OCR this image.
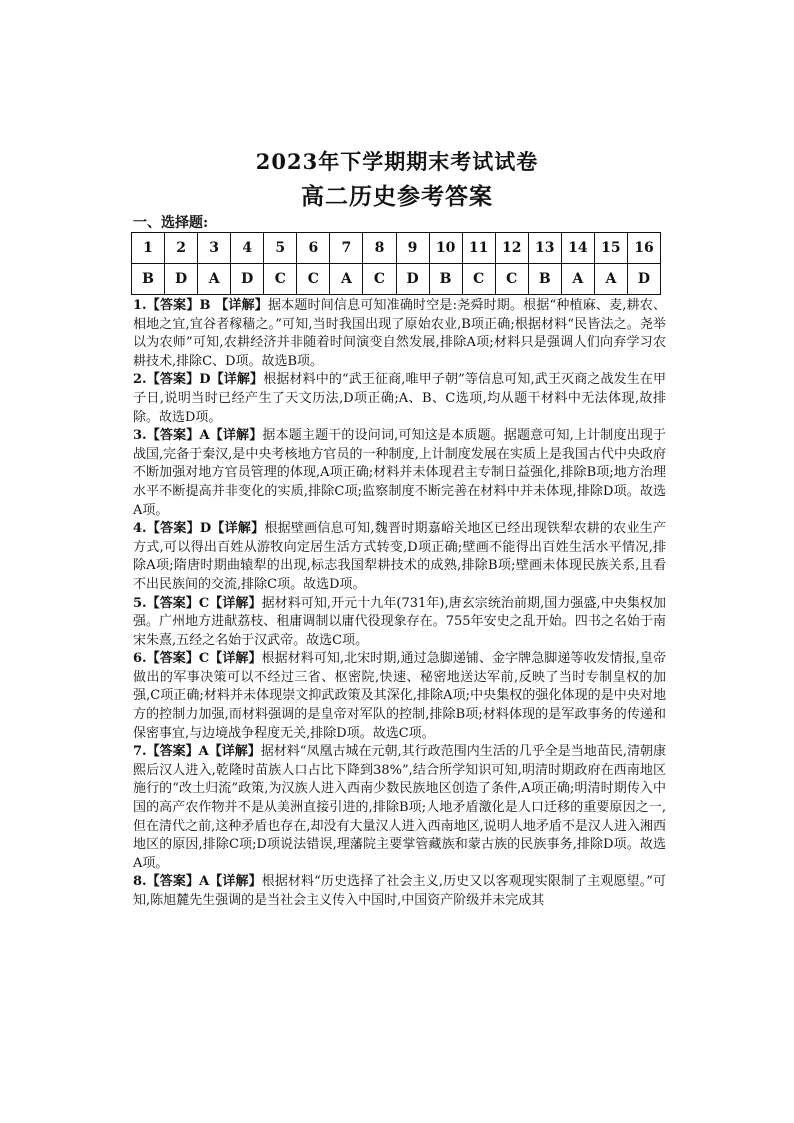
2023年下学期期末考试试卷
高二历史参考答案
一、选择题:
1	2	3	4	5	6	7	8	9	10	11	12	13	14	15	16
B	D	A	D	C	C	A	C	D	B	C	C	B	A	A	D

1.【答案】B 【详解】据本题时间信息可知准确时空是:尧舜时期。根据“种植麻、麦,耕农、相地之宜,宜谷者稼穑之。”可知,当时我国出现了原始农业,B项正确;根据材料“民皆法之。尧举以为农师”可知,农耕经济并非随着时间演变自然发展,排除A项;材料只是强调人们向弃学习农耕技术,排除C、D项。故选B项。

2.【答案】D【详解】根据材料中的“武王征商,唯甲子朝”等信息可知,武王灭商之战发生在甲子日,说明当时已经产生了天文历法,D项正确;A、B、C选项,均从题干材料中无法体现,故排除。故选D项。

3.【答案】A【详解】据本题主题干的设问词,可知这是本质题。据题意可知,上计制度出现于战国,完备于秦汉,是中央考核地方官员的一种制度,上计制度发展在实质上是我国古代中央政府不断加强对地方官员管理的体现,A项正确;材料并未体现君主专制日益强化,排除B项;地方治理水平不断提高并非变化的实质,排除C项;监察制度不断完善在材料中并未体现,排除D项。故选A项。

4.【答案】D【详解】根据壁画信息可知,魏晋时期嘉峪关地区已经出现铁犁农耕的农业生产方式,可以得出百姓从游牧向定居生活方式转变,D项正确;壁画不能得出百姓生活水平情况,排除A项;隋唐时期曲辕犁的出现,标志我国犁耕技术的成熟,排除B项;壁画未体现民族关系,且看不出民族间的交流,排除C项。故选D项。

5.【答案】C【详解】据材料可知,开元十九年(731年),唐玄宗统治前期,国力强盛,中央集权加强。广州地方进献荔枝、租庸调制以庸代役现象存在。755年安史之乱开始。四书之名始于南宋朱熹,五经之名始于汉武帝。故选C项。

6.【答案】C【详解】根据材料可知,北宋时期,通过急脚递铺、金字牌急脚递等收发情报,皇帝做出的军事决策可以不经过三省、枢密院,快速、秘密地送达军前,反映了当时专制皇权的加强,C项正确;材料并未体现崇文抑武政策及其深化,排除A项;中央集权的强化体现的是中央对地方的控制力加强,而材料强调的是皇帝对军队的控制,排除B项;材料体现的是军政事务的传递和保密事宜,与边境战争程度无关,排除D项。故选C项。

7.【答案】A【详解】据材料“凤凰古城在元朝,其行政范围内生活的几乎全是当地苗民,清朝康熙后汉人进入,乾隆时苗族人口占比下降到38%”,结合所学知识可知,明清时期政府在西南地区施行的“改土归流”政策,为汉族人进入西南少数民族地区创造了条件,A项正确;明清时期传入中国的高产农作物并不是从美洲直接引进的,排除B项;人地矛盾激化是人口迁移的重要原因之一,但在清代之前,这种矛盾也存在,却没有大量汉人进入西南地区,说明人地矛盾不是汉人进入湘西地区的原因,排除C项;D项说法错误,理藩院主要掌管藏族和蒙古族的民族事务,排除D项。故选A项。

8.【答案】A【详解】根据材料“历史选择了社会主义,历史又以客观现实限制了主观愿望。”可知,陈旭麓先生强调的是当社会主义传入中国时,中国资产阶级并未完成其
